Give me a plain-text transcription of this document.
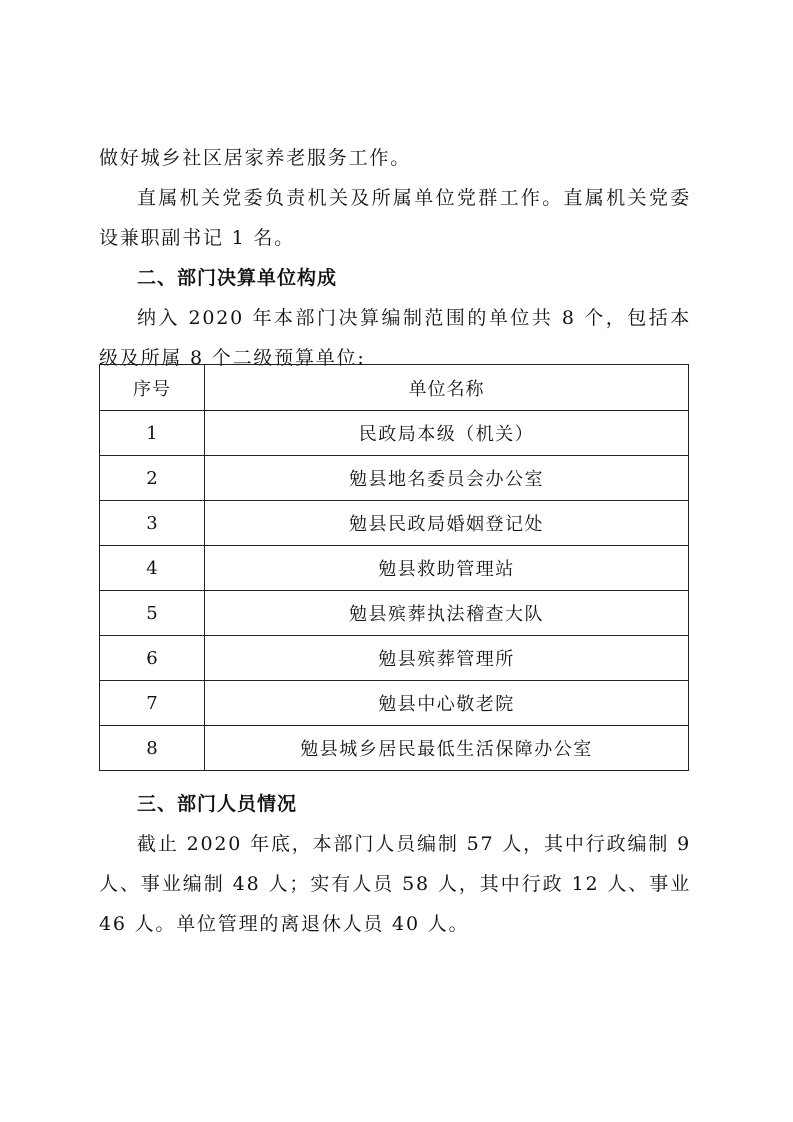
做好城乡社区居家养老服务工作。

直属机关党委负责机关及所属单位党群工作。直属机关党委设兼职副书记 1 名。

二、部门决算单位构成

纳入 2020 年本部门决算编制范围的单位共 8 个，包括本级及所属 8 个二级预算单位:

序号	单位名称
1	民政局本级（机关）
2	勉县地名委员会办公室
3	勉县民政局婚姻登记处
4	勉县救助管理站
5	勉县殡葬执法稽查大队
6	勉县殡葬管理所
7	勉县中心敬老院
8	勉县城乡居民最低生活保障办公室
三、部门人员情况

截止 2020 年底，本部门人员编制 57 人，其中行政编制 9 人、事业编制 48 人；实有人员 58 人，其中行政 12 人、事业 46 人。单位管理的离退休人员 40 人。
